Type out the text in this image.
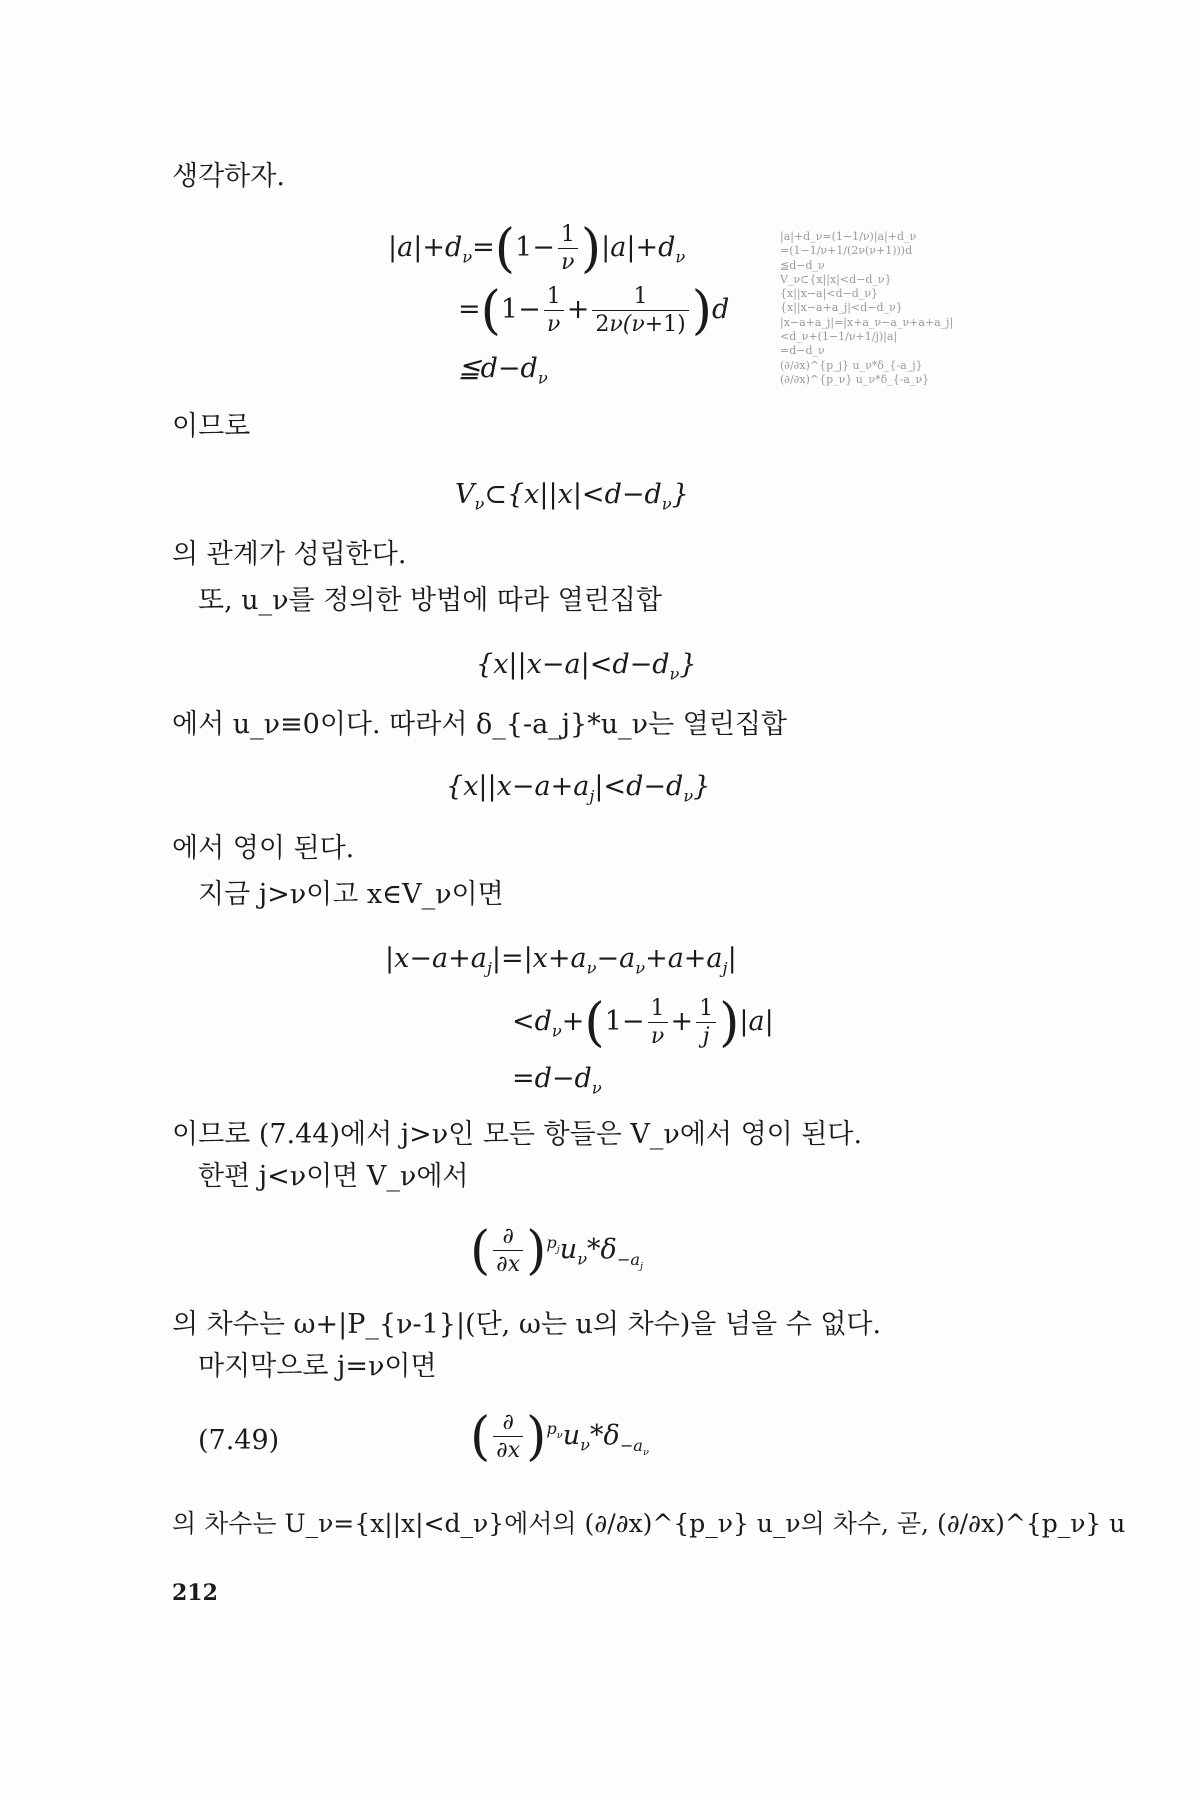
생각하자.
$|a|+d_\nu=(1- \frac{1}{\nu} )|a|+d_\nu$
$=(1- \frac{1}{\nu} + \frac{1}{2\nu(\nu+1)} )d$
$≦d-d_\nu$
이므로
$V_\nu\subset\{x||x|<d-d_\nu\}$
의 관계가 성립한다.
또, u_ν를 정의한 방법에 따라 열린집합
$\{x||x-a|<d-d_\nu\}$
에서 u_ν≡0이다. 따라서 δ_{-a_j}*u_ν는 열린집합
$\{x||x-a+a_j|<d-d_\nu\}$
에서 영이 된다.
지금 j>ν이고 x∈V_ν이면
$|x-a+a_j|=|x+a_\nu-a_\nu+a+a_j|$
$<d_\nu+(1- \frac{1}{\nu} + \frac{1}{j} )|a|$
$=d-d_\nu$
이므로 (7.44)에서 j>ν인 모든 항들은 V_ν에서 영이 된다.
한편 j<ν이면 V_ν에서
( $\frac{\partial}{\partial x} )^{p_j}u_\nu*\delta_{-a_j}$
의 차수는 ω+|P_{ν-1}|(단, ω는 u의 차수)을 넘을 수 없다.
마지막으로 j=ν이면
(7.49)	( $\frac{\partial}{\partial x} )^{p_\nu}u_\nu*\delta_{-a_\nu}$
의 차수는 U_ν={x||x|<d_ν}에서의 (∂/∂x)^{p_ν} u_ν의 차수, 곧, (∂/∂x)^{p_ν} u
212
|a|+d_ν=(1−1/ν)|a|+d_ν
=(1−1/ν+1/(2ν(ν+1)))d
≦d−d_ν
V_ν⊂{x||x|<d−d_ν}
{x||x−a|<d−d_ν}
{x||x−a+a_j|<d−d_ν}
|x−a+a_j|=|x+a_ν−a_ν+a+a_j|
<d_ν+(1−1/ν+1/j)|a|
=d−d_ν
(∂/∂x)^{p_j} u_ν*δ_{-a_j}
(∂/∂x)^{p_ν} u_ν*δ_{-a_ν}
